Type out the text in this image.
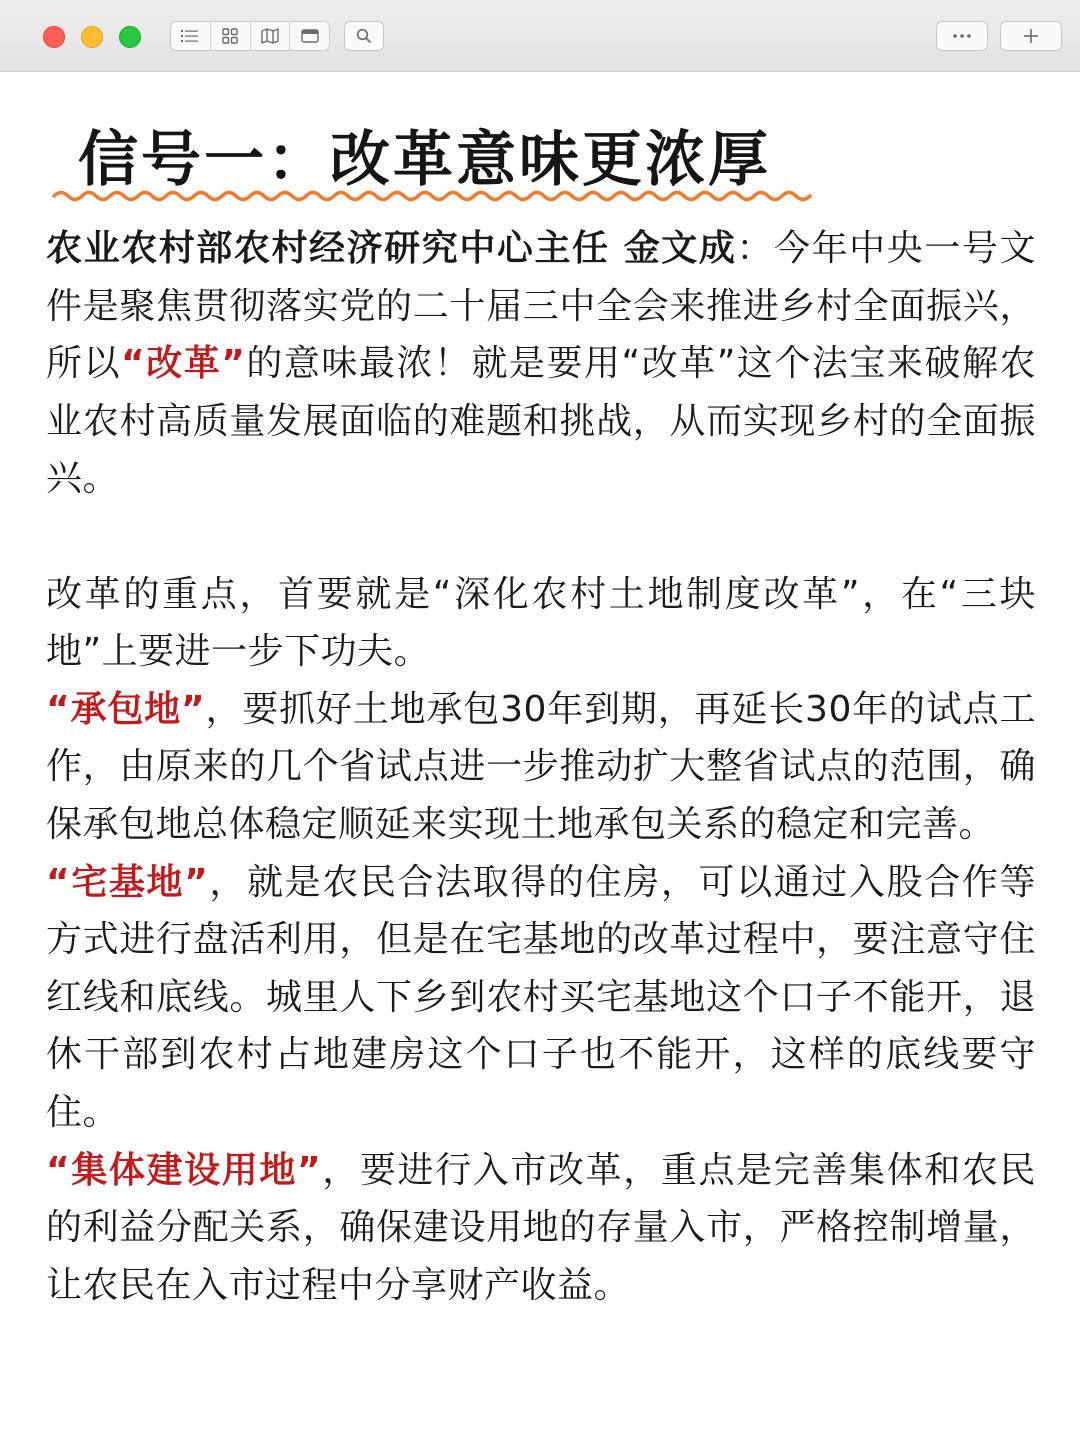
信号一：改革意味更浓厚

农业农村部农村经济研究中心主任 金文成：今年中央一号文件是聚焦贯彻落实党的二十届三中全会来推进乡村全面振兴，所以“改革”的意味最浓！就是要用“改革”这个法宝来破解农业农村高质量发展面临的难题和挑战，从而实现乡村的全面振兴。

改革的重点，首要就是“深化农村土地制度改革”，在“三块地”上要进一步下功夫。

“承包地”，要抓好土地承包30年到期，再延长30年的试点工作，由原来的几个省试点进一步推动扩大整省试点的范围，确保承包地总体稳定顺延来实现土地承包关系的稳定和完善。

“宅基地”，就是农民合法取得的住房，可以通过入股合作等方式进行盘活利用，但是在宅基地的改革过程中，要注意守住红线和底线。城里人下乡到农村买宅基地这个口子不能开，退休干部到农村占地建房这个口子也不能开，这样的底线要守住。

“集体建设用地”，要进行入市改革，重点是完善集体和农民的利益分配关系，确保建设用地的存量入市，严格控制增量，让农民在入市过程中分享财产收益。
